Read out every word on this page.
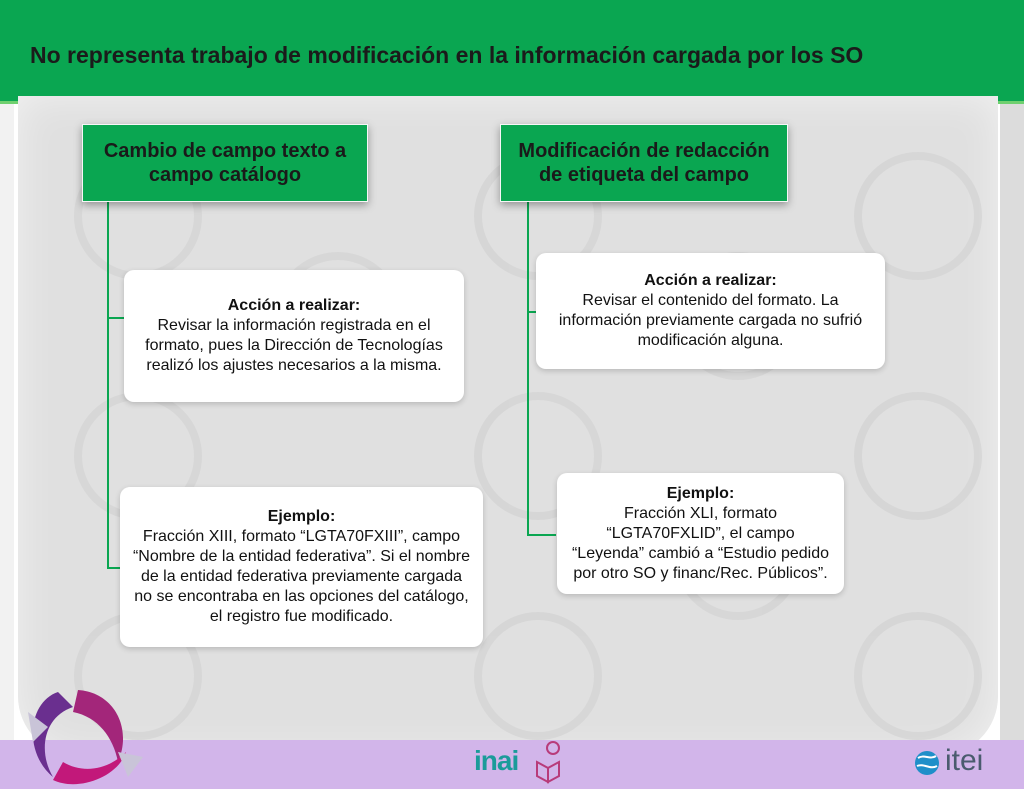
No representa trabajo de modificación en la información cargada por los SO
Cambio de campo texto a campo catálogo
Modificación de redacción de etiqueta del campo
Acción a realizar:
Revisar la información registrada en el formato, pues la Dirección de Tecnologías realizó los ajustes necesarios a la misma.
Ejemplo:
Fracción XIII, formato “LGTA70FXIII”, campo “Nombre de la entidad federativa”. Si el nombre de la entidad federativa previamente cargada no se encontraba en las opciones del catálogo, el registro fue modificado.
Acción a realizar:
Revisar el contenido del formato. La información previamente cargada no sufrió modificación alguna.
Ejemplo:
Fracción XLI, formato “LGTA70FXLID”, el campo “Leyenda” cambió a “Estudio pedido por otro SO y financ/Rec. Públicos”.
inai	itei
